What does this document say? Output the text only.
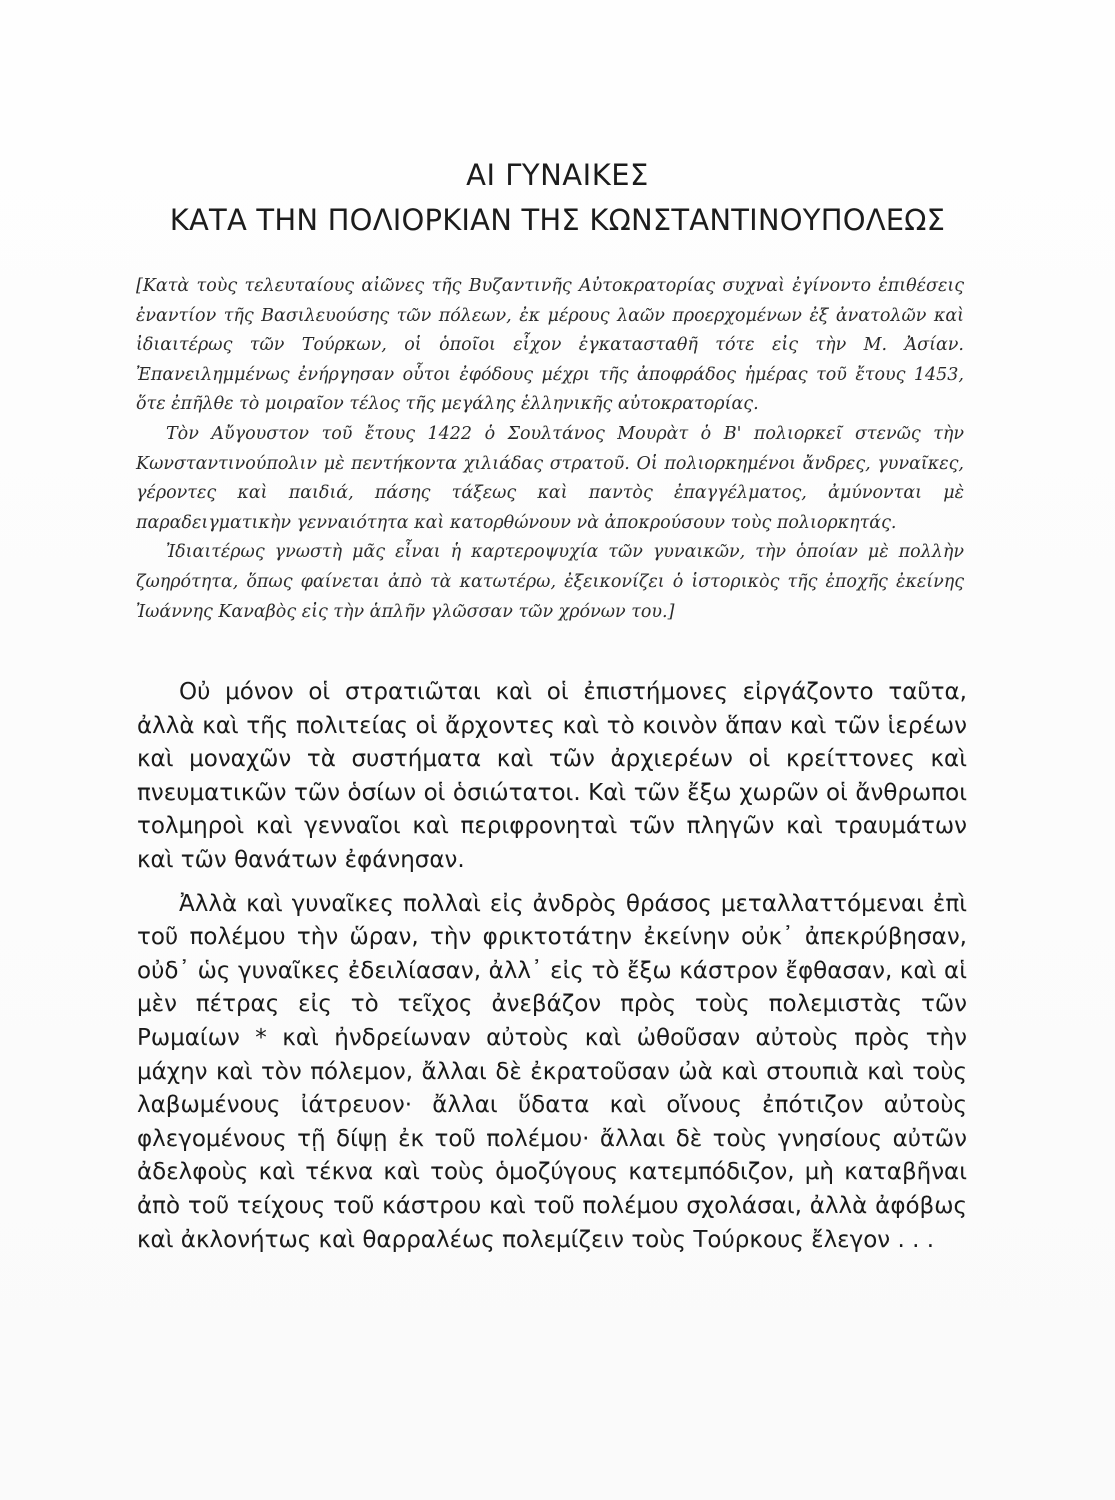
ΑΙ ΓΥΝΑΙΚΕΣ
ΚΑΤΑ ΤΗΝ ΠΟΛΙΟΡΚΙΑΝ ΤΗΣ ΚΩΝΣΤΑΝΤΙΝΟΥΠΟΛΕΩΣ

[Κατὰ τοὺς τελευταίους αἰῶνες τῆς Βυζαντινῆς Αὐτοκρατορίας συχναὶ ἐγίνοντο ἐπιθέσεις ἐναντίον τῆς Βασιλευούσης τῶν πόλεων, ἐκ μέρους λαῶν προερχομένων ἐξ ἀνατολῶν καὶ ἰδιαιτέρως τῶν Τούρκων, οἱ ὁποῖοι εἶχον ἐγκατασταθῆ τότε εἰς τὴν Μ. Ἀσίαν. Ἐπανειλημμένως ἐνήργησαν οὗτοι ἐφόδους μέχρι τῆς ἀποφράδος ἡμέρας τοῦ ἔτους 1453, ὅτε ἐπῆλθε τὸ μοιραῖον τέλος τῆς μεγάλης ἑλληνικῆς αὐτοκρατορίας.

Τὸν Αὔγουστον τοῦ ἔτους 1422 ὁ Σουλτάνος Μουρὰτ ὁ Β' πολιορκεῖ στενῶς τὴν Κωνσταντινούπολιν μὲ πεντήκοντα χιλιάδας στρατοῦ. Οἱ πολιορκημένοι ἄνδρες, γυναῖκες, γέροντες καὶ παιδιά, πάσης τάξεως καὶ παντὸς ἐπαγγέλματος, ἀμύνονται μὲ παραδειγματικὴν γενναιότητα καὶ κατορθώνουν νὰ ἀποκρούσουν τοὺς πολιορκητάς.

Ἰδιαιτέρως γνωστὴ μᾶς εἶναι ἡ καρτεροψυχία τῶν γυναικῶν, τὴν ὁποίαν μὲ πολλὴν ζωηρότητα, ὅπως φαίνεται ἀπὸ τὰ κατωτέρω, ἐξεικονίζει ὁ ἱστορικὸς τῆς ἐποχῆς ἐκείνης Ἰωάννης Καναβὸς εἰς τὴν ἁπλῆν γλῶσσαν τῶν χρόνων του.]

Οὐ μόνον οἱ στρατιῶται καὶ οἱ ἐπιστήμονες εἰργάζοντο ταῦτα, ἀλλὰ καὶ τῆς πολιτείας οἱ ἄρχοντες καὶ τὸ κοινὸν ἅπαν καὶ τῶν ἱερέων καὶ μοναχῶν τὰ συστήματα καὶ τῶν ἀρχιερέων οἱ κρείττονες καὶ πνευματικῶν τῶν ὁσίων οἱ ὁσιώτατοι. Καὶ τῶν ἔξω χωρῶν οἱ ἄνθρωποι τολμηροὶ καὶ γενναῖοι καὶ περιφρονηταὶ τῶν πληγῶν καὶ τραυμάτων καὶ τῶν θανάτων ἐφάνησαν.

Ἀλλὰ καὶ γυναῖκες πολλαὶ εἰς ἀνδρὸς θράσος μεταλλαττόμεναι ἐπὶ τοῦ πολέμου τὴν ὥραν, τὴν φρικτοτάτην ἐκείνην οὐκ᾽ ἀπεκρύβησαν, οὐδ᾽ ὡς γυναῖκες ἐδειλίασαν, ἀλλ᾽ εἰς τὸ ἔξω κάστρον ἔφθασαν, καὶ αἱ μὲν πέτρας εἰς τὸ τεῖχος ἀνεβάζον πρὸς τοὺς πολεμιστὰς τῶν Ρωμαίων * καὶ ἠνδρείωναν αὐτοὺς καὶ ὠθοῦσαν αὐτοὺς πρὸς τὴν μάχην καὶ τὸν πόλεμον, ἄλλαι δὲ ἐκρατοῦσαν ὠὰ καὶ στουπιὰ καὶ τοὺς λαβωμένους ἰάτρευον· ἄλλαι ὕδατα καὶ οἴνους ἐπότιζον αὐτοὺς φλεγομένους τῇ δίψῃ ἐκ τοῦ πολέμου· ἄλλαι δὲ τοὺς γνησίους αὐτῶν ἀδελφοὺς καὶ τέκνα καὶ τοὺς ὁμοζύγους κατεμπόδιζον, μὴ καταβῆναι ἀπὸ τοῦ τείχους τοῦ κάστρου καὶ τοῦ πολέμου σχολάσαι, ἀλλὰ ἀφόβως καὶ ἀκλονήτως καὶ θαρραλέως πολεμίζειν τοὺς Τούρκους ἔλεγον . . .
